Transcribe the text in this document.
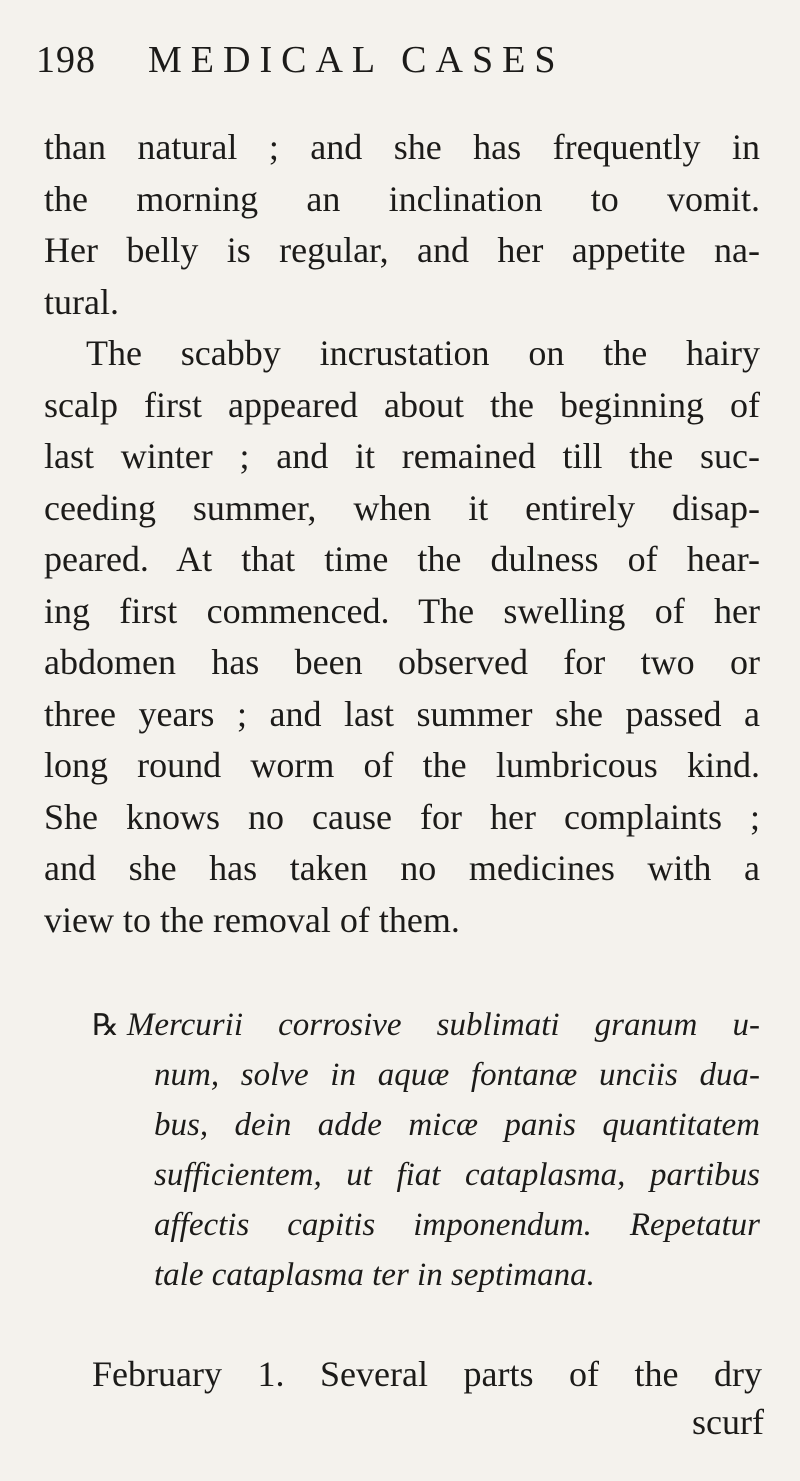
198 MEDICAL CASES
than natural ; and she has frequently in
the morning an inclination to vomit.
Her belly is regular, and her appetite na-
tural.
The scabby incrustation on the hairy
scalp first appeared about the beginning of
last winter ; and it remained till the suc-
ceeding summer, when it entirely disap-
peared. At that time the dulness of hear-
ing first commenced. The swelling of her
abdomen has been observed for two or
three years ; and last summer she passed a
long round worm of the lumbricous kind.
She knows no cause for her complaints ;
and she has taken no medicines with a
view to the removal of them.
℞ Mercurii corrosive sublimati granum u-
num, solve in aquæ fontanæ unciis dua-
bus, dein adde micæ panis quantitatem
sufficientem, ut fiat cataplasma, partibus
affectis capitis imponendum. Repetatur
tale cataplasma ter in septimana.
February 1. Several parts of the dry
scurf
